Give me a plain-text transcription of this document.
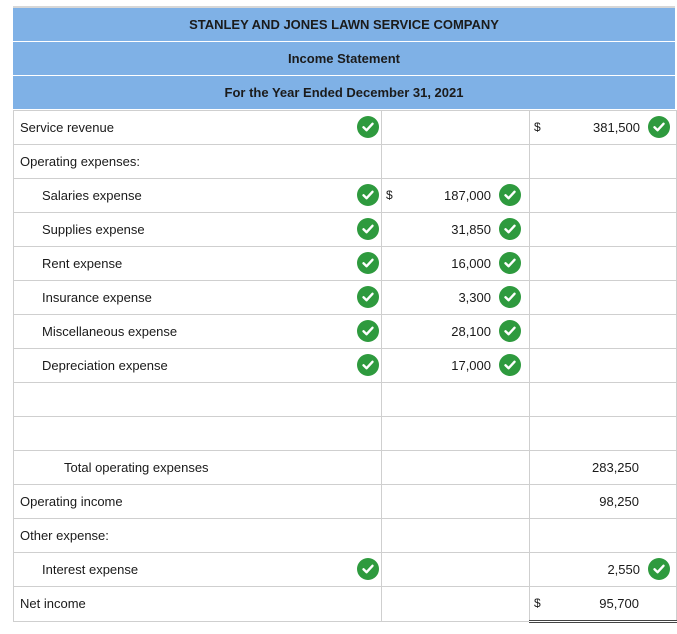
STANLEY AND JONES LAWN SERVICE COMPANY
Income Statement
For the Year Ended December 31, 2021
Service revenue		$ 381,500

Operating expenses:		

Salaries expense	$ 187,000	

Supplies expense	31,850	

Rent expense	16,000	

Insurance expense	3,300	

Miscellaneous expense	28,100	

Depreciation expense	17,000	

Total operating expenses		283,250

Operating income		98,250

Other expense:		

Interest expense		2,550

Net income		$ 95,700
